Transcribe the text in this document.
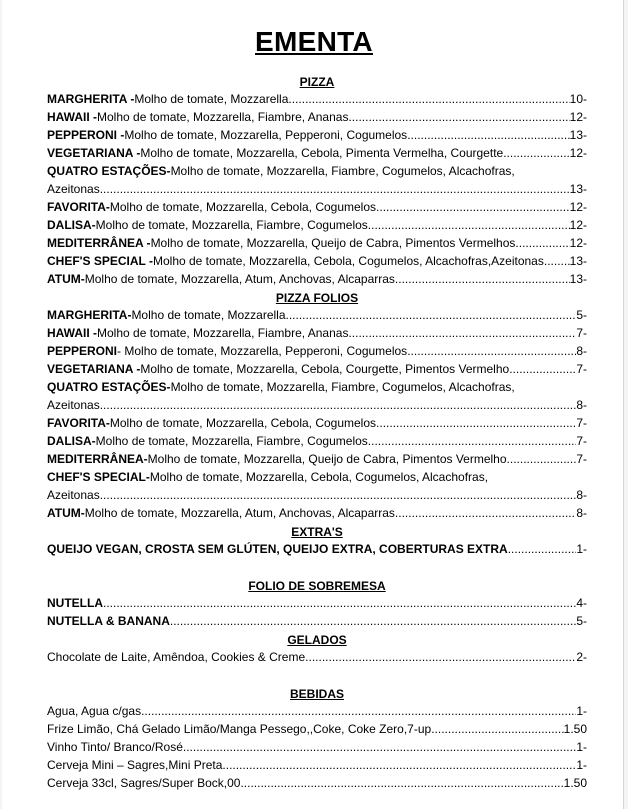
EMENTA
PIZZA
MARGHERITA - Molho de tomate, Mozzarella .....	10-
HAWAII - Molho de tomate, Mozzarella, Fiambre, Ananas .....	12-
PEPPERONI - Molho de tomate, Mozzarella, Pepperoni, Cogumelos .....	13-
VEGETARIANA - Molho de tomate, Mozzarella, Cebola, Pimenta Vermelha, Courgette .....	12-
QUATRO ESTAÇÕES- Molho de tomate, Mozzarella, Fiambre, Cogumelos, Alcachofras,
Azeitonas .....	13-
FAVORITA- Molho de tomate, Mozzarella, Cebola, Cogumelos .....	12-
DALISA- Molho de tomate, Mozzarella, Fiambre, Cogumelos .....	12-
MEDITERRÂNEA - Molho de tomate, Mozzarella, Queijo de Cabra, Pimentos Vermelhos .....	12-
CHEF'S SPECIAL - Molho de tomate, Mozzarella, Cebola, Cogumelos, Alcachofras,Azeitonas. ..... 13-
ATUM- Molho de tomate, Mozzarella, Atum, Anchovas, Alcaparras .....	13-
PIZZA FOLIOS
MARGHERITA- Molho de tomate, Mozzarella .....	5-
HAWAII - Molho de tomate, Mozzarella, Fiambre, Ananas..... .....	7-
PEPPERONI - Molho de tomate, Mozzarella, Pepperoni, Cogumelos .....	8-
VEGETARIANA - Molho de tomate, Mozzarella, Cebola, Courgette, Pimentos Vermelho .....	7-
QUATRO ESTAÇÕES- Molho de tomate, Mozzarella, Fiambre, Cogumelos, Alcachofras,
Azeitonas .....	8-
FAVORITA- Molho de tomate, Mozzarella, Cebola, Cogumelos .....	7-
DALISA- Molho de tomate, Mozzarella, Fiambre, Cogumelos .....	7-
MEDITERRÂNEA- Molho de tomate, Mozzarella, Queijo de Cabra, Pimentos Vermelho .....	7-
CHEF'S SPECIAL- Molho de tomate, Mozzarella, Cebola, Cogumelos, Alcachofras,
Azeitonas .....	8-
ATUM- Molho de tomate, Mozzarella, Atum, Anchovas, Alcaparras .....	8-
EXTRA'S
QUEIJO VEGAN, CROSTA SEM GLÚTEN, QUEIJO EXTRA, COBERTURAS EXTRA .....	1-
FOLIO DE SOBREMESA
NUTELLA .....	4-
NUTELLA & BANANA .....	5-
GELADOS
Chocolate de Laite, Amêndoa, Cookies & Creme .....	2-
BEBIDAS
Agua, Agua c/gas .....	1-
Frize Limão, Chá Gelado Limão/Manga Pessego,,Coke, Coke Zero,7-up .....	1.50
Vinho Tinto/ Branco/Rosé .....	1-
Cerveja Mini – Sagres,Mini Preta .....	1-
Cerveja 33cl, Sagres/Super Bock,00 .....	1.50
